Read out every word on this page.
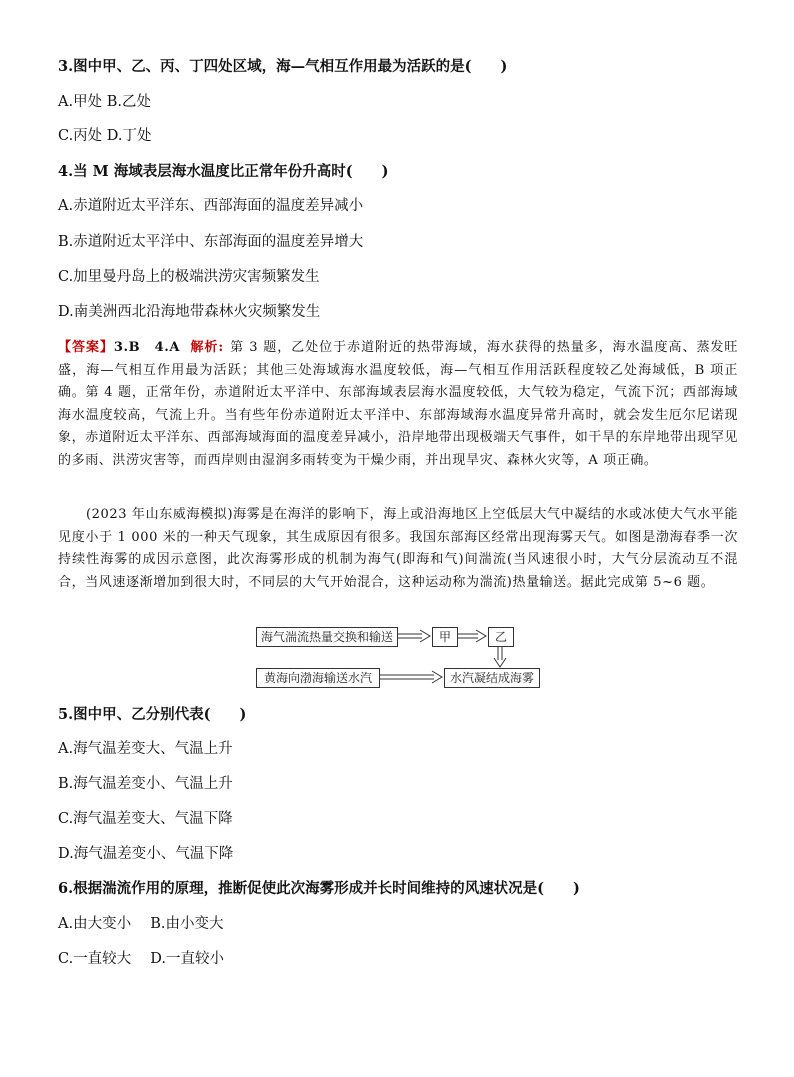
3.图中甲、乙、丙、丁四处区域，海—气相互作用最为活跃的是(　　)
A.甲处 B.乙处
C.丙处 D.丁处
4.当 M 海域表层海水温度比正常年份升高时(　　)
A.赤道附近太平洋东、西部海面的温度差异减小
B.赤道附近太平洋中、东部海面的温度差异增大
C.加里曼丹岛上的极端洪涝灾害频繁发生
D.南美洲西北沿海地带森林火灾频繁发生
【答案】3.B　4.A 解析: 第 3 题，乙处位于赤道附近的热带海域，海水获得的热量多，海水温度高、蒸发旺盛，海—气相互作用最为活跃；其他三处海域海水温度较低，海—气相互作用活跃程度较乙处海域低，B 项正确。第 4 题，正常年份，赤道附近太平洋中、东部海域表层海水温度较低，大气较为稳定，气流下沉；西部海域海水温度较高，气流上升。当有些年份赤道附近太平洋中、东部海域海水温度异常升高时，就会发生厄尔尼诺现象，赤道附近太平洋东、西部海域海面的温度差异减小，沿岸地带出现极端天气事件，如干旱的东岸地带出现罕见的多雨、洪涝灾害等，而西岸则由湿润多雨转变为干燥少雨，并出现旱灾、森林火灾等，A 项正确。
(2023 年山东威海模拟)海雾是在海洋的影响下，海上或沿海地区上空低层大气中凝结的水或冰使大气水平能见度小于 1 000 米的一种天气现象，其生成原因有很多。我国东部海区经常出现海雾天气。如图是渤海春季一次持续性海雾的成因示意图，此次海雾形成的机制为海气(即海和气)间湍流(当风速很小时，大气分层流动互不混合，当风速逐渐增加到很大时，不同层的大气开始混合，这种运动称为湍流)热量输送。据此完成第 5~6 题。
海气湍流热量交换和输送	甲	乙
黄海向渤海输送水汽	水汽凝结成海雾
5.图中甲、乙分别代表(　　)
A.海气温差变大、气温上升
B.海气温差变小、气温上升
C.海气温差变大、气温下降
D.海气温差变小、气温下降
6.根据湍流作用的原理，推断促使此次海雾形成并长时间维持的风速状况是(　　)
A.由大变小　 B.由小变大
C.一直较大　 D.一直较小
